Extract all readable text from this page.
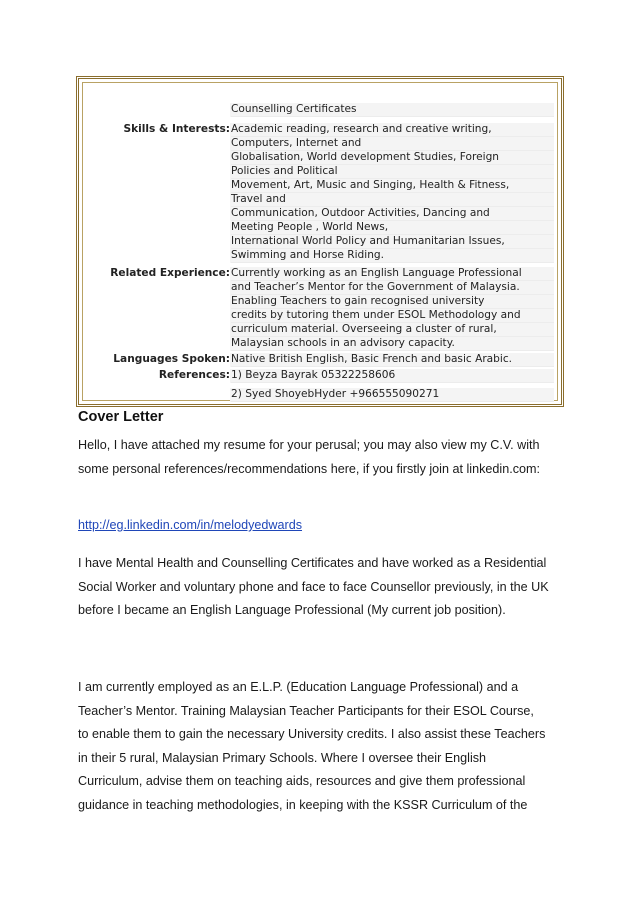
Counselling Certificates
Skills & Interests: Academic reading, research and creative writing,
Computers, Internet and
Globalisation, World development Studies, Foreign
Policies and Political
Movement, Art, Music and Singing, Health & Fitness,
Travel and
Communication, Outdoor Activities, Dancing and
Meeting People , World News,
International World Policy and Humanitarian Issues,
Swimming and Horse Riding.
Related Experience: Currently working as an English Language Professional
and Teacher’s Mentor for the Government of Malaysia.
Enabling Teachers to gain recognised university
credits by tutoring them under ESOL Methodology and
curriculum material. Overseeing a cluster of rural,
Malaysian schools in an advisory capacity.
Languages Spoken: Native British English, Basic French and basic Arabic.
References: 1) Beyza Bayrak 05322258606
2) Syed ShoyebHyder +966555090271
Cover Letter
Hello, I have attached my resume for your perusal; you may also view my C.V. with
some personal references/recommendations here, if you firstly join at linkedin.com:
http://eg.linkedin.com/in/melodyedwards
I have Mental Health and Counselling Certificates and have worked as a Residential
Social Worker and voluntary phone and face to face Counsellor previously, in the UK
before I became an English Language Professional (My current job position).
I am currently employed as an E.L.P. (Education Language Professional) and a
Teacher’s Mentor. Training Malaysian Teacher Participants for their ESOL Course,
to enable them to gain the necessary University credits. I also assist these Teachers
in their 5 rural, Malaysian Primary Schools. Where I oversee their English
Curriculum, advise them on teaching aids, resources and give them professional
guidance in teaching methodologies, in keeping with the KSSR Curriculum of the
